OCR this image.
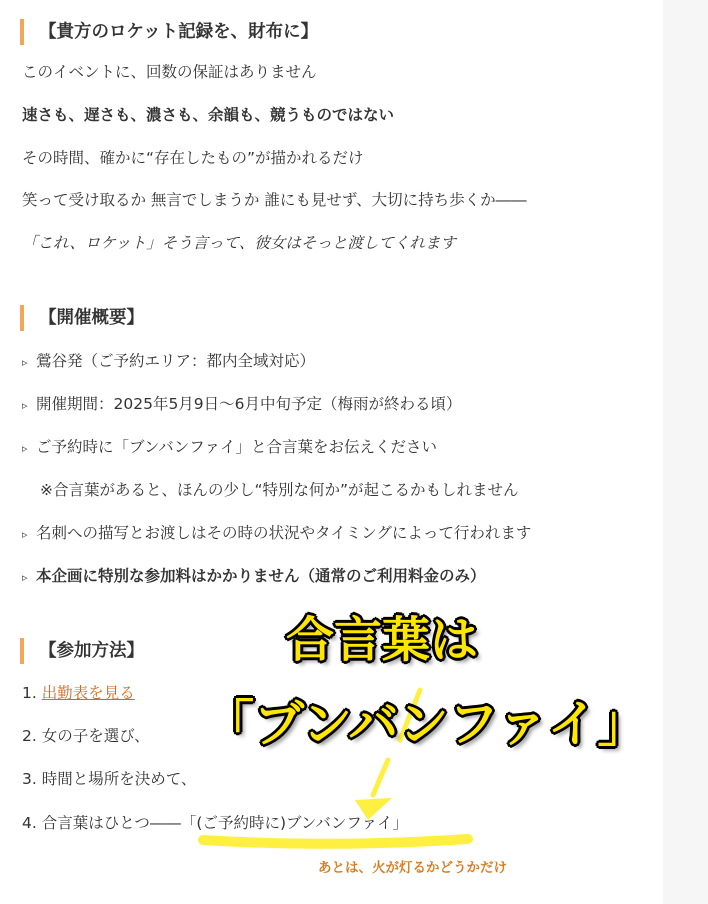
【貴方のロケット記録を、財布に】
このイベントに、回数の保証はありません
速さも、遅さも、濃さも、余韻も、競うものではない
その時間、確かに“存在したもの”が描かれるだけ
笑って受け取るか 無言でしまうか 誰にも見せず、大切に持ち歩くか――
「これ、ロケット」そう言って、彼女はそっと渡してくれます
【開催概要】
▹ 鶯谷発（ご予約エリア：都内全域対応）
▹ 開催期間：2025年5月9日〜6月中旬予定（梅雨が終わる頃）
▹ ご予約時に「ブンバンファイ」と合言葉をお伝えください
※合言葉があると、ほんの少し“特別な何か”が起こるかもしれません
▹ 名刺への描写とお渡しはその時の状況やタイミングによって行われます
▹ 本企画に特別な参加料はかかりません（通常のご利用料金のみ）
【参加方法】
1. 出勤表を見る
2. 女の子を選び、
3. 時間と場所を決めて、
4. 合言葉はひとつ――「(ご予約時に)ブンバンファイ」
合言葉は
「ブンバンファイ」
あとは、火が灯るかどうかだけ
